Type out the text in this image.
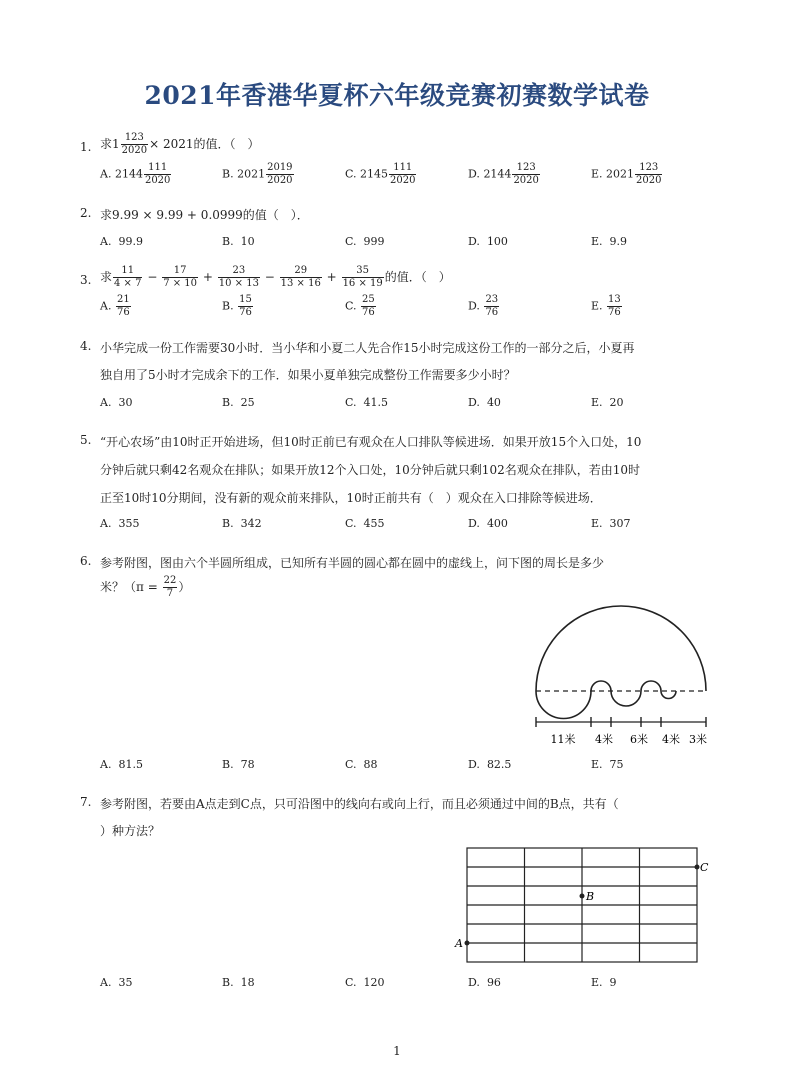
2021年香港华夏杯六年级竞赛初赛数学试卷
1. 求$1 \frac{123}{2020} \times 2021$的值．（　）
A. $2144 \frac{111}{2020}$	B. $2021 \frac{2019}{2020}$	C. $2145 \frac{111}{2020}$	D. $2144 \frac{123}{2020}$	E. $2021 \frac{123}{2020}$
2. 求9.99 × 9.99 + 0.0999的值（　）．
A. 99.9	B. 10	C. 999	D. 100	E. 9.9
3. 求 $\frac{11}{4 \times 7} - \frac{17}{7 \times 10} + \frac{23}{10 \times 13} - \frac{29}{13 \times 16} + \frac{35}{16 \times 19}$ 的值．（　）
A. $\frac{21}{76}$	B. $\frac{15}{76}$	C. $\frac{25}{76}$	D. $\frac{23}{76}$	E. $\frac{13}{76}$
4. 小华完成一份工作需要30小时．当小华和小夏二人先合作15小时完成这份工作的一部分之后，小夏再
独自用了5小时才完成余下的工作．如果小夏单独完成整份工作需要多少小时？
A. 30	B. 25	C. 41.5	D. 40	E. 20
5. “开心农场”由10时正开始进场，但10时正前已有观众在人口排队等候进场．如果开放15个入口处，10
分钟后就只剩42名观众在排队；如果开放12个入口处，10分钟后就只剩102名观众在排队，若由10时
正至10时10分期间，没有新的观众前来排队，10时正前共有（　）观众在入口排除等候进场．
A. 355	B. 342	C. 455	D. 400	E. 307
6. 参考附图，图由六个半圆所组成，已知所有半圆的圆心都在圆中的虚线上，问下图的周长是多少
米？（$\pi = \frac{22}{7}$ ）
11米 4米 6米 4米 3米
A. 81.5	B. 78	C. 88	D. 82.5	E. 75
7. 参考附图，若要由A点走到C点，只可沿图中的线向右或向上行，而且必须通过中间的B点，共有（
）种方法？
A
B
C
A. 35	B. 18	C. 120	D. 96	E. 9
1
